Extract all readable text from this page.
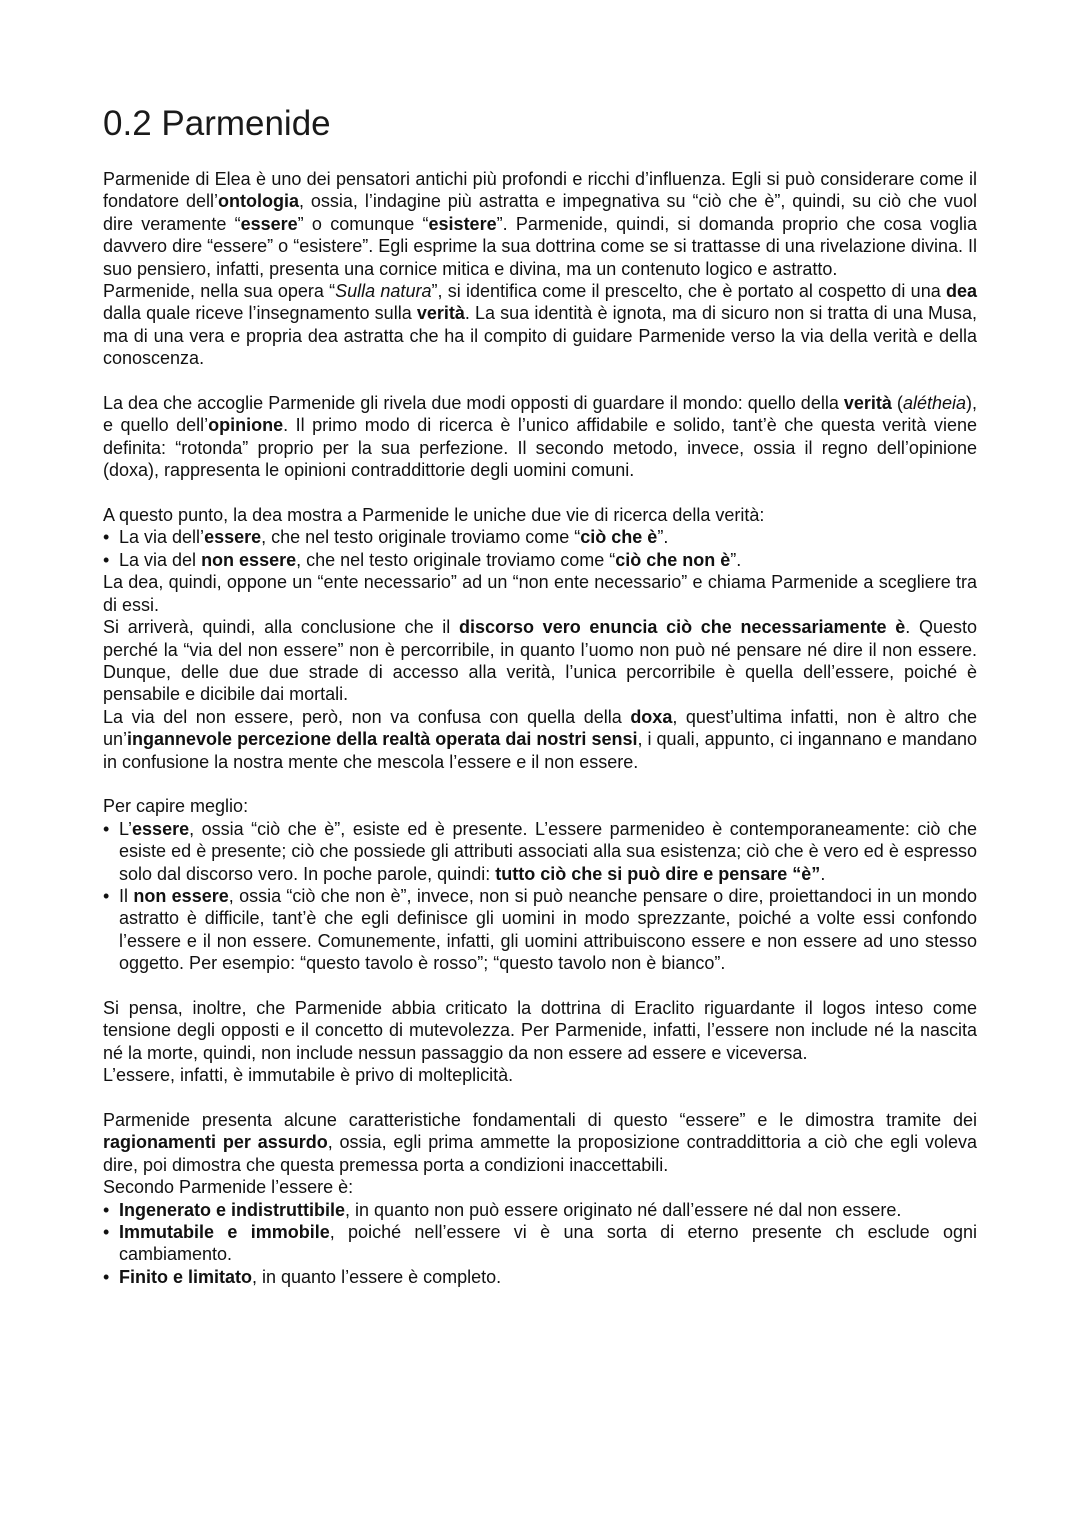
0.2 Parmenide

Parmenide di Elea è uno dei pensatori antichi più profondi e ricchi d’influenza. Egli si può considerare come il fondatore dell’ontologia, ossia, l’indagine più astratta e impegnativa su “ciò che è”, quindi, su ciò che vuol dire veramente “essere” o comunque “esistere”. Parmenide, quindi, si domanda proprio che cosa voglia davvero dire “essere” o “esistere”. Egli esprime la sua dottrina come se si trattasse di una rivelazione divina. Il suo pensiero, infatti, presenta una cornice mitica e divina, ma un contenuto logico e astratto.

Parmenide, nella sua opera “Sulla natura”, si identifica come il prescelto, che è portato al cospetto di una dea dalla quale riceve l’insegnamento sulla verità. La sua identità è ignota, ma di sicuro non si tratta di una Musa, ma di una vera e propria dea astratta che ha il compito di guidare Parmenide verso la via della verità e della conoscenza.

La dea che accoglie Parmenide gli rivela due modi opposti di guardare il mondo: quello della verità (alétheia), e quello dell’opinione. Il primo modo di ricerca è l’unico affidabile e solido, tant’è che questa verità viene definita: “rotonda” proprio per la sua perfezione. Il secondo metodo, invece, ossia il regno dell’opinione (doxa), rappresenta le opinioni contraddittorie degli uomini comuni.

A questo punto, la dea mostra a Parmenide le uniche due vie di ricerca della verità:

• La via dell’essere, che nel testo originale troviamo come “ciò che è”.

• La via del non essere, che nel testo originale troviamo come “ciò che non è”.

La dea, quindi, oppone un “ente necessario” ad un “non ente necessario” e chiama Parmenide a scegliere tra di essi.

Si arriverà, quindi, alla conclusione che il discorso vero enuncia ciò che necessariamente è. Questo perché la “via del non essere” non è percorribile, in quanto l’uomo non può né pensare né dire il non essere. Dunque, delle due due strade di accesso alla verità, l’unica percorribile è quella dell’essere, poiché è pensabile e dicibile dai mortali.

La via del non essere, però, non va confusa con quella della doxa, quest’ultima infatti, non è altro che un’ingannevole percezione della realtà operata dai nostri sensi, i quali, appunto, ci ingannano e mandano in confusione la nostra mente che mescola l’essere e il non essere.

Per capire meglio:

• L’essere, ossia “ciò che è”, esiste ed è presente. L’essere parmenideo è contemporaneamente: ciò che esiste ed è presente; ciò che possiede gli attributi associati alla sua esistenza; ciò che è vero ed è espresso solo dal discorso vero. In poche parole, quindi: tutto ciò che si può dire e pensare “è”.

• Il non essere, ossia “ciò che non è”, invece, non si può neanche pensare o dire, proiettandoci in un mondo astratto è difficile, tant’è che egli definisce gli uomini in modo sprezzante, poiché a volte essi confondo l’essere e il non essere. Comunemente, infatti, gli uomini attribuiscono essere e non essere ad uno stesso oggetto. Per esempio: “questo tavolo è rosso”; “questo tavolo non è bianco”.

Si pensa, inoltre, che Parmenide abbia criticato la dottrina di Eraclito riguardante il logos inteso come tensione degli opposti e il concetto di mutevolezza. Per Parmenide, infatti, l’essere non include né la nascita né la morte, quindi, non include nessun passaggio da non essere ad essere e viceversa.

L’essere, infatti, è immutabile è privo di molteplicità.

Parmenide presenta alcune caratteristiche fondamentali di questo “essere” e le dimostra tramite dei ragionamenti per assurdo, ossia, egli prima ammette la proposizione contraddittoria a ciò che egli voleva dire, poi dimostra che questa premessa porta a condizioni inaccettabili.

Secondo Parmenide l’essere è:

• Ingenerato e indistruttibile, in quanto non può essere originato né dall’essere né dal non essere.

• Immutabile e immobile, poiché nell’essere vi è una sorta di eterno presente ch esclude ogni cambiamento.

• Finito e limitato, in quanto l’essere è completo.
